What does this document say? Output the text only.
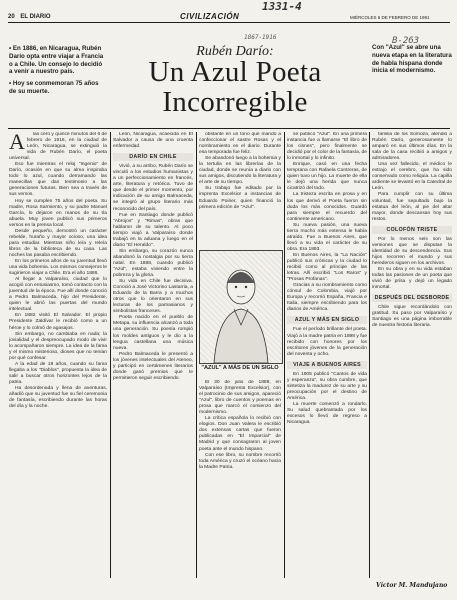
1331-4
B-263
1867-1916
20 EL DIARIO	CIVILIZACIÓN	MIÉRCOLES 6 DE FEBRERO DE 1991
Rubén Darío:
Un Azul Poeta
Incorregible

• En 1886, en Nicaragua, Rubén Darío opta entre viajar a Francia o a Chile. Un consejo lo decidió a venir a nuestro país.

• Hoy se conmemoran 75 años de su muerte.

Con "Azul" se abre una nueva etapa en la literatura de habla hispana donde inicia el modernismo.
A	las cero y quince minutos del 6 de febrero de 1916, en la ciudad de León, Nicaragua, se extinguió la vida de Rubén Darío, el poeta universal.

Eso fue mientras el reloj "Ingenio" de Darío, ocasión en que su alma inspiraba todo lo azul, cuando derramando las manecillas que dan testimonio a las generaciones futuras. Bien sea a través de sus versos.

Hoy se cumplen 75 años del poeta. Su madre, Rosa Sarmiento, y su padre Manuel García, lo dejaron en manos de su tía abuela. Muy joven publicó sus primeros versos en la prensa local.

Desde pequeño, demostró un carácter rebelde, huraño y mayor ocioso, una idea para estudiar. Mientras niño leía y releía libros de la biblioteca de su casa. Las noches las pasaba escribiendo.

En los primeros años de su juventud llevó una vida bohemia. Los mismos consejeros le sugirieron viajar a Chile. Era el año 1886.

Al llegar a Valparaíso, ciudad que lo acogió con entusiasmo, tomó contacto con la juventud de la época. Fue allí donde conoció a Pedro Balmaceda, hijo del Presidente, quien le abrió las puertas del mundo intelectual.

En 1882 visitó El Salvador. El propio Presidente Zaldívar le recibió como a un héroe y lo colmó de agasajos.

Sin embargo, no cambiaba en nada; la jovialidad y el despreocupado modo de vivir lo acompañaron siempre. La idea de la fama y el mismo misterioso, dioses que no tenían por qué confesar.

A la edad de 18 años, cuando su fama llegaba a los "Diablos", propuesta la idea de salir a buscar otros horizontes lejos de la patria.

Ha desordenada y llena de aventuras, añadió que su juventud fue su fiel ceremonia de fantasía, escribiendo durante las horas del día y la noche.

León, Nicaragua, acaecida en El Salvador a causa de una cruenta enfermedad.

DARÍO EN CHILE

Vivió, a su arribo, Rubén Darío se vinculó a los estudios humanistas y a un perfeccionamiento en francés, arte, literatura y retórica. Tuvo de que desde el primer momento, por indicación de su amigo Balmaceda, se integró al grupo literario más reconocido del país.

Fue en Santiago donde publicó "Abrojos" y "Rimas", obras que hablaron de su talento. Al poco tiempo viajó a Valparaíso donde trabajó en la aduana y luego en el diario "El Heraldo".

Sin embargo, su corazón nunca abandonó la nostalgia por su tierra natal. En 1888, cuando publicó "Azul", estaba viviendo entre la pobreza y la gloria.

Su vida en Chile fue decisiva. Conoció a José Victorino Lastarria, a Eduardo de la Barra y a muchos otros que lo orientaron en sus lecturas de los parnasianos y simbolistas franceses.

Poeta nacido en el pueblo de Metapa, su influencia alcanzó a toda una generación. Su poesía rompió los moldes antiguos y le dio a la lengua castellana una música nueva.

Pedro Balmaceda le presentó a los jóvenes intelectuales del Ateneo, y participó en certámenes literarios donde ganó premios que le permitieron seguir escribiendo.

obstante en un tono que mandó a confeccionar el sastre Rosas y el nombramiento en el diario. Durante esa temporada fue feliz.

Se abandonó luego a la bohemia y la tertulia en las librerías de la ciudad, donde se reunía a diario con sus amigos, discutiendo la literatura y el arte de su tiempo.

Su trabajo fue editado por la imprenta Excelsior a instancias de Eduardo Poirier, quien financió la primera edición de "Azul".

"AZUL" A MÁS DE UN SIGLO

El 30 de julio de 1888, en Valparaíso (Imprenta Excelsior), con el patrocinio de sus amigos, apareció "Azul", libro de cuentos y poemas en prosa que marcó el comienzo del modernismo.

La crítica española lo recibió con elogios. Don Juan Valera le escribió dos extensas cartas que fueron publicadas en "El Imparcial" de Madrid y que consagraron al joven poeta ante el mundo hispano.

Con ese libro, su nombre recorrió toda América y cruzó el océano hacia la Madre Patria.

se publicó "Azul". En una primera instancia fue a llamarse "El libro de los cisnes", pero finalmente se decidió por el color de la fantasía, de lo inmortal y lo infinito.

Enrique, casó en una fecha temprana con Rafaela Contreras, de quien tuvo un hijo. La muerte de ella le dejó una herida que nunca cicatrizó del todo.

La tristeza escrita en prosa y en los que derivó el Poeta fueron sin duda los más conocidos. Guardó para siempre el recuerdo del continente americano.

Su nueva pasión, una nueva tierra mucho más extensa le había atraído. Fue a Buenos Aires, que llevó a su vida el carácter de su obra. Era 1893.

En Buenos Aires, la "La Nación" publicó sus crónicas y la ciudad lo recibió como al príncipe de las letras. Allí escribió "Los Raros" y "Prosas Profanas".

Gracias a su nombramiento como cónsul de Colombia, viajó por Europa y recorrió España, Francia e Italia, siempre escribiendo para los diarios de América.

AZUL Y MÁS EN SIGLO

Fue el período brillante del poeta. Viajó a la madre patria en 1898 y fue recibido con honores por los escritores jóvenes de la generación del noventa y ocho.

VIAJE A BUENOS AIRES

En 1905 publicó "Cantos de vida y esperanza", su obra cumbre, que sintetiza la madurez de su arte y su preocupación por el destino de América.

La muerte comenzó a rondarlo. Su salud quebrantada por los excesos lo llevó de regreso a Nicaragua.

familia de los Somoza, atendió a Rubén Darío, generosamente lo amparó en sus últimos días. En la sala de la casa recibió a amigos y admiradores.

Una vez fallecido, el médico le extrajo el cerebro, que ha sido conservado como reliquia. La capilla ardiente se levantó en la Catedral de León.

Para cumplir con su última voluntad, fue sepultado bajo la estatua del león, al pie del altar mayor, donde descansan hoy sus restos.

COLOFÓN TRISTE

Por lo menos seis son las versiones que se disputan la identidad de su descendencia. Sus hijos recorren el mundo y sus herederos siguen en los archivos.

En su obra y en su vida estaban todas las pasiones de un poeta que vivió de prisa y dejó un legado inmortal.

DESPUÉS DEL DESBORDE

Chile sigue recordándolo con gratitud. Su paso por Valparaíso y Santiago es una página imborrable de nuestra historia literaria.

Víctor M. Mandujano
